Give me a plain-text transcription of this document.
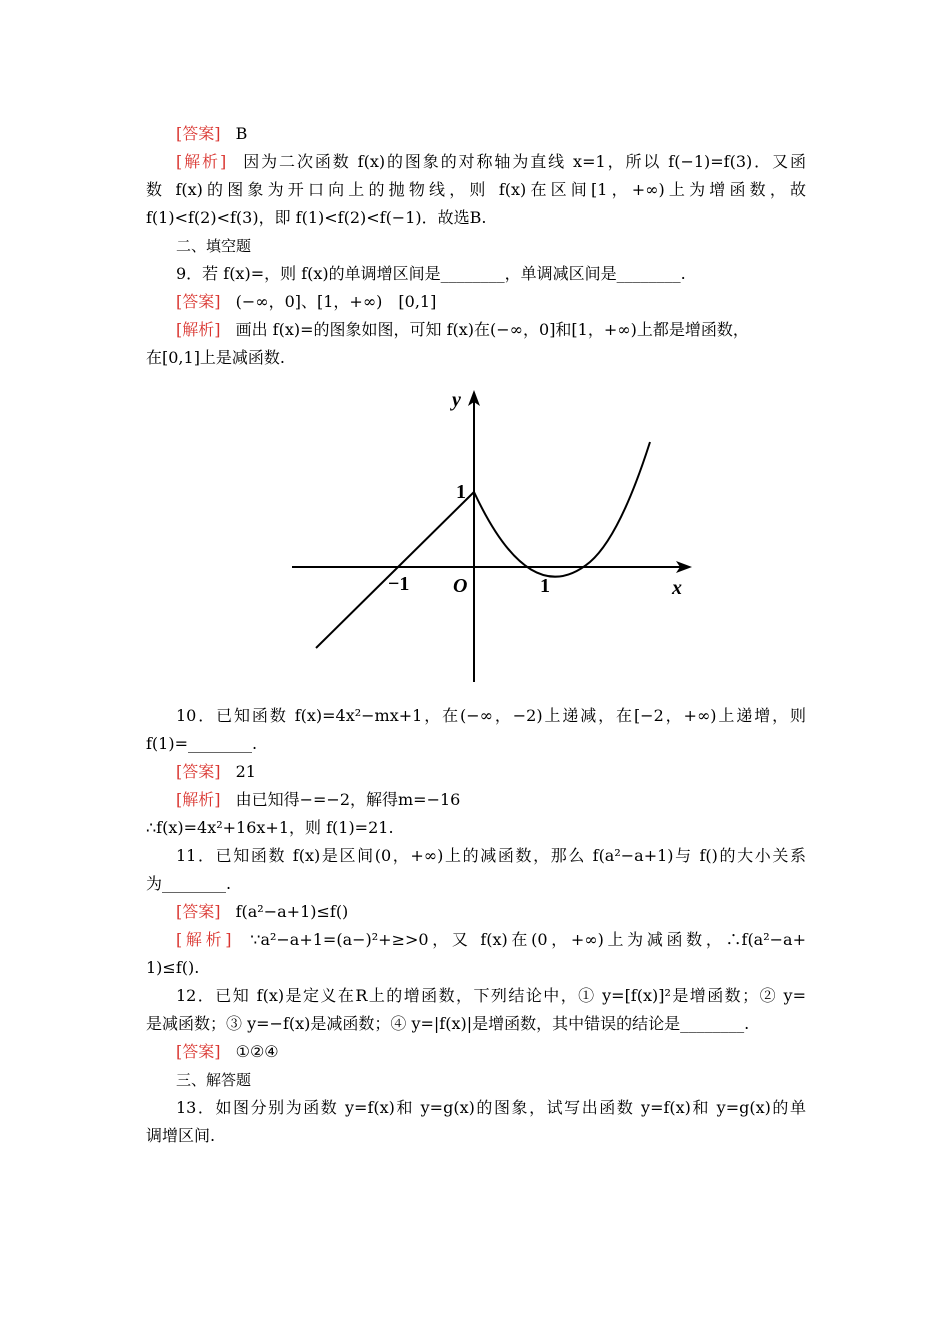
[答案] B
[解析] 因为二次函数 f(x)的图象的对称轴为直线 x=1，所以 f(−1)=f(3)．又函
数 f(x)的图象为开口向上的抛物线，则 f(x)在区间[1，+∞)上为增函数，故
f(1)<f(2)<f(3)，即 f(1)<f(2)<f(−1)．故选B.
二、填空题
9．若 f(x)=，则 f(x)的单调增区间是________，单调减区间是________.
[答案] (−∞，0]、[1，+∞)　[0,1]
[解析] 画出 f(x)=的图象如图，可知 f(x)在(−∞，0]和[1，+∞)上都是增函数，
在[0,1]上是减函数.
y
x
O
1
−1	1
10．已知函数 f(x)=4x²−mx+1，在(−∞，−2)上递减，在[−2，+∞)上递增，则
f(1)=________.
[答案] 21
[解析] 由已知得−=−2，解得m=−16
∴f(x)=4x²+16x+1，则 f(1)=21.
11．已知函数 f(x)是区间(0，+∞)上的减函数，那么 f(a²−a+1)与 f()的大小关系
为________.
[答案] f(a²−a+1)≤f()
[解析] ∵a²−a+1=(a−)²+≥>0，又 f(x)在(0，+∞)上为减函数，∴f(a²−a+
1)≤f().
12．已知 f(x)是定义在R上的增函数，下列结论中，① y=[f(x)]²是增函数；② y=
是减函数；③ y=−f(x)是减函数；④ y=|f(x)|是增函数，其中错误的结论是________.
[答案] ①②④
三、解答题
13．如图分别为函数 y=f(x)和 y=g(x)的图象，试写出函数 y=f(x)和 y=g(x)的单
调增区间.
